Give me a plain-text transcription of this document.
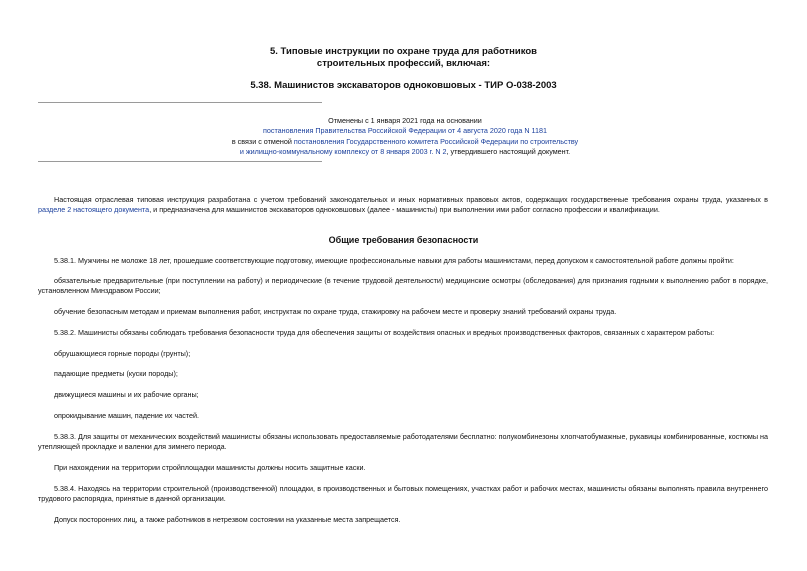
5. Типовые инструкции по охране труда для работников
строительных профессий, включая:
5.38. Машинистов экскаваторов одноковшовых - ТИР О-038-2003
Отменены с 1 января 2021 года на основании
постановления Правительства Российской Федерации от 4 августа 2020 года N 1181
в связи с отменой постановления Государственного комитета Российской Федерации по строительству
и жилищно-коммунальному комплексу от 8 января 2003 г. N 2, утвердившего настоящий документ.
Настоящая отраслевая типовая инструкция разработана с учетом требований законодательных и иных нормативных правовых актов, содержащих государственные требования охраны труда, указанных в разделе 2 настоящего документа, и предназначена для машинистов экскаваторов одноковшовых (далее - машинисты) при выполнении ими работ согласно профессии и квалификации.
Общие требования безопасности
5.38.1. Мужчины не моложе 18 лет, прошедшие соответствующие подготовку, имеющие профессиональные навыки для работы машинистами, перед допуском к самостоятельной работе должны пройти:
обязательные предварительные (при поступлении на работу) и периодические (в течение трудовой деятельности) медицинские осмотры (обследования) для признания годными к выполнению работ в порядке, установленном Минздравом России;
обучение безопасным методам и приемам выполнения работ, инструктаж по охране труда, стажировку на рабочем месте и проверку знаний требований охраны труда.
5.38.2. Машинисты обязаны соблюдать требования безопасности труда для обеспечения защиты от воздействия опасных и вредных производственных факторов, связанных с характером работы:
обрушающиеся горные породы (грунты);
падающие предметы (куски породы);
движущиеся машины и их рабочие органы;
опрокидывание машин, падение их частей.
5.38.3. Для защиты от механических воздействий машинисты обязаны использовать предоставляемые работодателями бесплатно: полукомбинезоны хлопчатобумажные, рукавицы комбинированные, костюмы на утепляющей прокладке и валенки для зимнего периода.
При нахождении на территории стройплощадки машинисты должны носить защитные каски.
5.38.4. Находясь на территории строительной (производственной) площадки, в производственных и бытовых помещениях, участках работ и рабочих местах, машинисты обязаны выполнять правила внутреннего трудового распорядка, принятые в данной организации.
Допуск посторонних лиц, а также работников в нетрезвом состоянии на указанные места запрещается.
